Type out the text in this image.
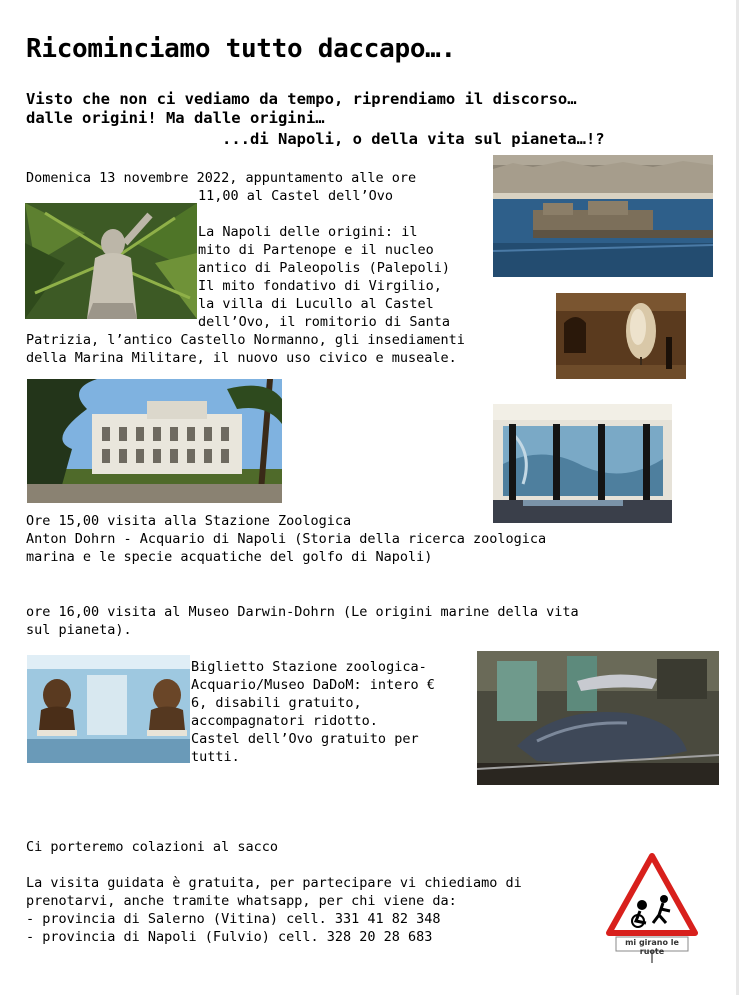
Ricominciamo tutto daccapo….
Visto che non ci vediamo da tempo, riprendiamo il discorso…
dalle origini! Ma dalle origini…
...di Napoli, o della vita sul pianeta…!?
Domenica 13 novembre 2022, appuntamento alle ore
11,00 al Castel dell’Ovo
La Napoli delle origini: il
mito di Partenope e il nucleo
antico di Paleopolis (Palepoli)
Il mito fondativo di Virgilio,
la villa di Lucullo al Castel
dell’Ovo, il romitorio di Santa
Patrizia, l’antico Castello Normanno, gli insediamenti
della Marina Militare, il nuovo uso civico e museale.
Ore 15,00 visita alla Stazione Zoologica
Anton Dohrn - Acquario di Napoli (Storia della ricerca zoologica
marina e le specie acquatiche del golfo di Napoli)
ore 16,00 visita al Museo Darwin-Dohrn (Le origini marine della vita
sul pianeta).
Biglietto Stazione zoologica-
Acquario/Museo DaDoM: intero €
6, disabili gratuito,
accompagnatori ridotto.
Castel dell’Ovo gratuito per
tutti.
Ci porteremo colazioni al sacco
La visita guidata è gratuita, per partecipare vi chiediamo di
prenotarvi, anche tramite whatsapp, per chi viene da:
- provincia di Salerno (Vitina) cell. 331 41 82 348
- provincia di Napoli (Fulvio) cell. 328 20 28 683	mi girano le ruote
